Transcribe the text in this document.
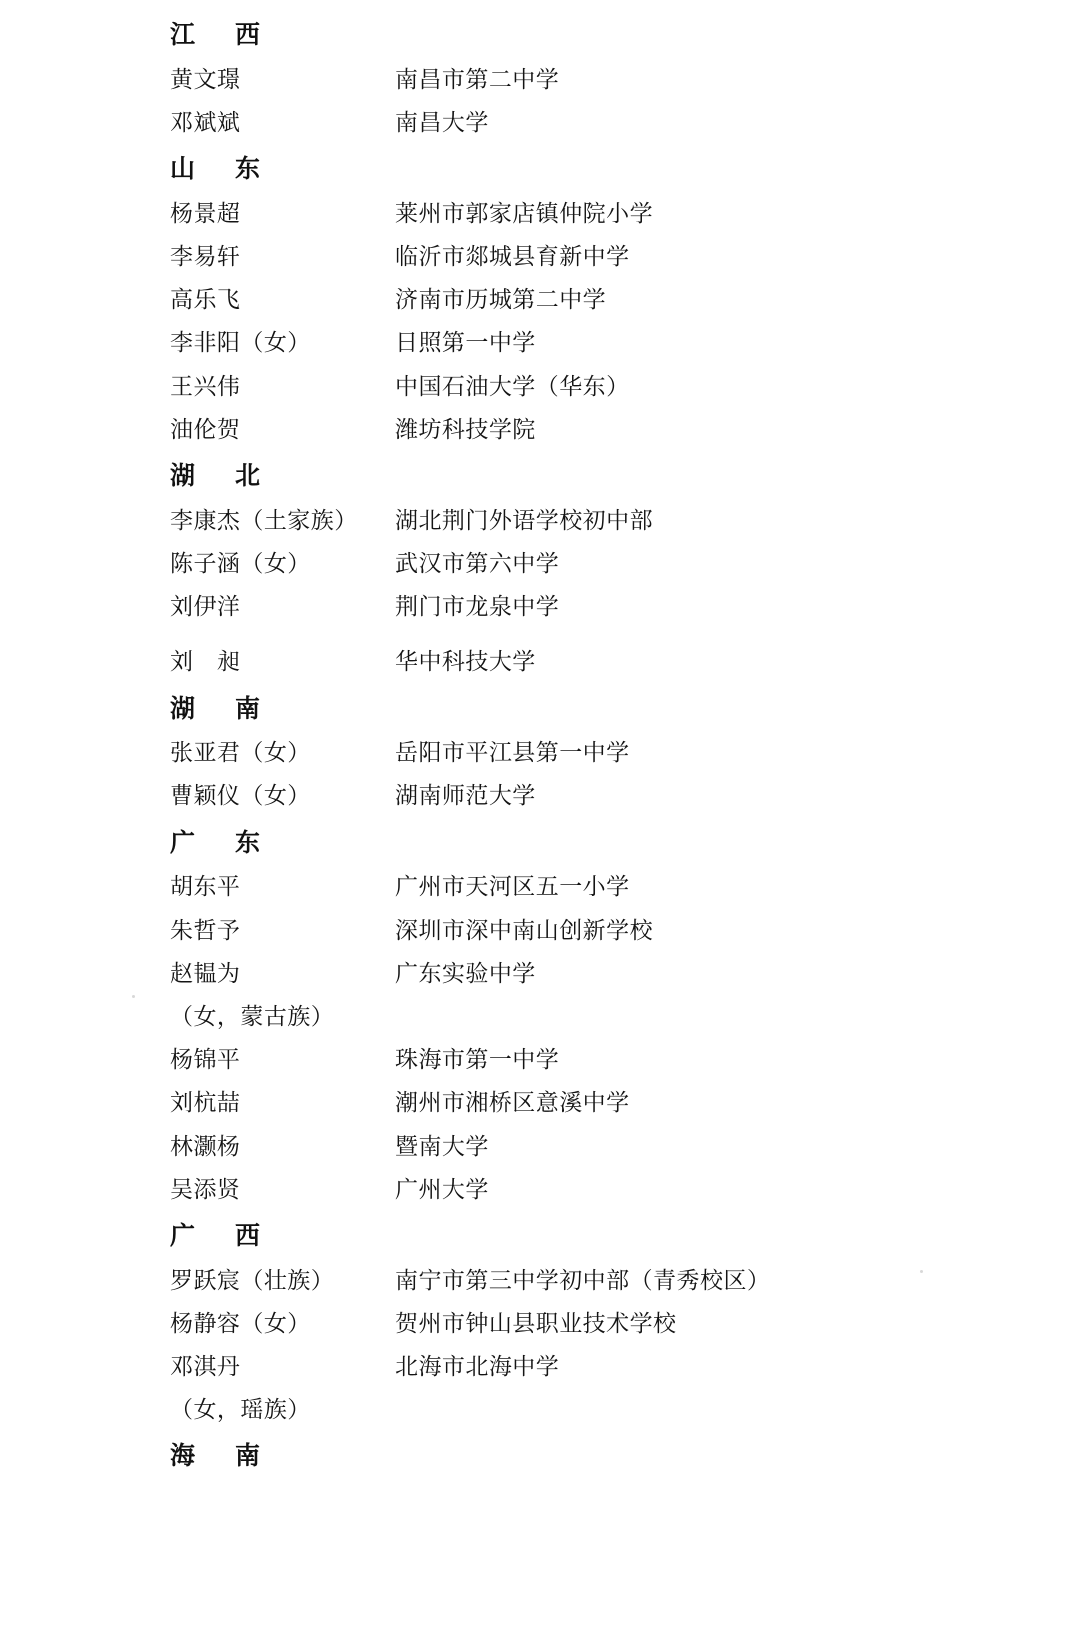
江　西
黄文璟	南昌市第二中学
邓斌斌	南昌大学
山　东
杨景超	莱州市郭家店镇仲院小学
李易轩	临沂市郯城县育新中学
高乐飞	济南市历城第二中学
李非阳（女）	日照第一中学
王兴伟	中国石油大学（华东）
油伦贺	潍坊科技学院
湖　北
李康杰（土家族）	湖北荆门外语学校初中部
陈子涵（女）	武汉市第六中学
刘伊洋	荆门市龙泉中学
刘　昶	华中科技大学
湖　南
张亚君（女）	岳阳市平江县第一中学
曹颖仪（女）	湖南师范大学
广　东
胡东平	广州市天河区五一小学
朱哲予	深圳市深中南山创新学校
赵韫为	广东实验中学
（女，蒙古族）
杨锦平	珠海市第一中学
刘杭喆	潮州市湘桥区意溪中学
林灏杨	暨南大学
吴添贤	广州大学
广　西
罗跃宸（壮族）	南宁市第三中学初中部（青秀校区）
杨静容（女）	贺州市钟山县职业技术学校
邓淇丹	北海市北海中学
（女，瑶族）
海　南
